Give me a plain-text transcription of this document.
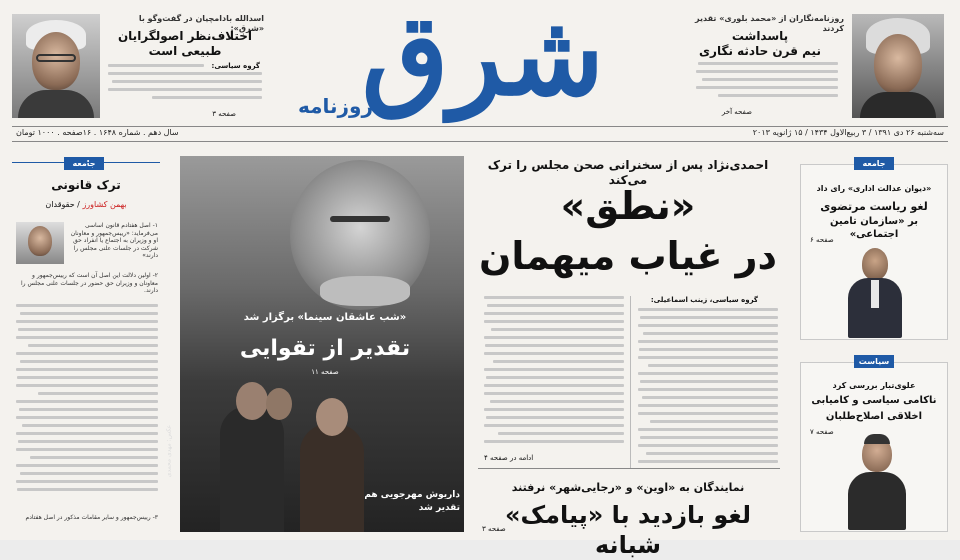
روزنامه‌نگاران از «محمد بلوری» تقدیر کردند
پاسداشت
نیم قرن حادثه نگاری
صفحه آخر
شرق
روزنامه
اسدالله بادامچیان در گفت‌وگو با «شرق»:
اختلاف‌نظر اصولگرایان
طبیعی است
گروه سیاسی:
صفحه ۳
سه‌شنبه ۲۶ دی ۱۳۹۱ / ۳ ربیع‌الاول ۱۴۳۴ / ۱۵ ژانویه ۲۰۱۳
سال دهم . شماره ۱۶۴۸ . ۱۶صفحه . ۱۰۰۰ تومان
جامعه
ترک قانونی
بهمن کشاورز / حقوقدان
۱- اصل هفتادم قانون اساسی می‌فرماید: «رییس‌جمهور و معاونان او و وزیران به اجتماع یا انفراد حق شرکت در جلسات علنی مجلس را دارند»
۲- اولین دلالت این اصل آن است که رییس‌جمهور و معاونان و وزیران حق حضور در جلسات علنی مجلس را دارند.
۳- رییس‌جمهور و سایر مقامات مذکور در اصل هفتادم
«شب عاشقان سینما» برگزار شد
تقدیر از تقوایی
صفحه ۱۱
داریوش مهرجویی هم
تقدیر شد
عکس: مهدی محمدی
احمدی‌نژاد پس از سخنرانی صحن مجلس را ترک می‌کند
«نطق»
در غیاب میهمان
گروه سیاسی، زینب اسماعیلی:
ادامه در صفحه ۴
نمایندگان به «اوین» و «رجایی‌شهر» نرفتند
لغو بازدید با «پیامک» شبانه
صفحه ۳
جامعه
«دیوان عدالت اداری» رای داد
لغو ریاست مرتضوی
بر «سازمان تامین اجتماعی»
صفحه ۶
سیاست
علوی‌تبار بررسی کرد
ناکامی سیاسی و کامیابی
اخلاقی اصلاح‌طلبان
صفحه ۷
